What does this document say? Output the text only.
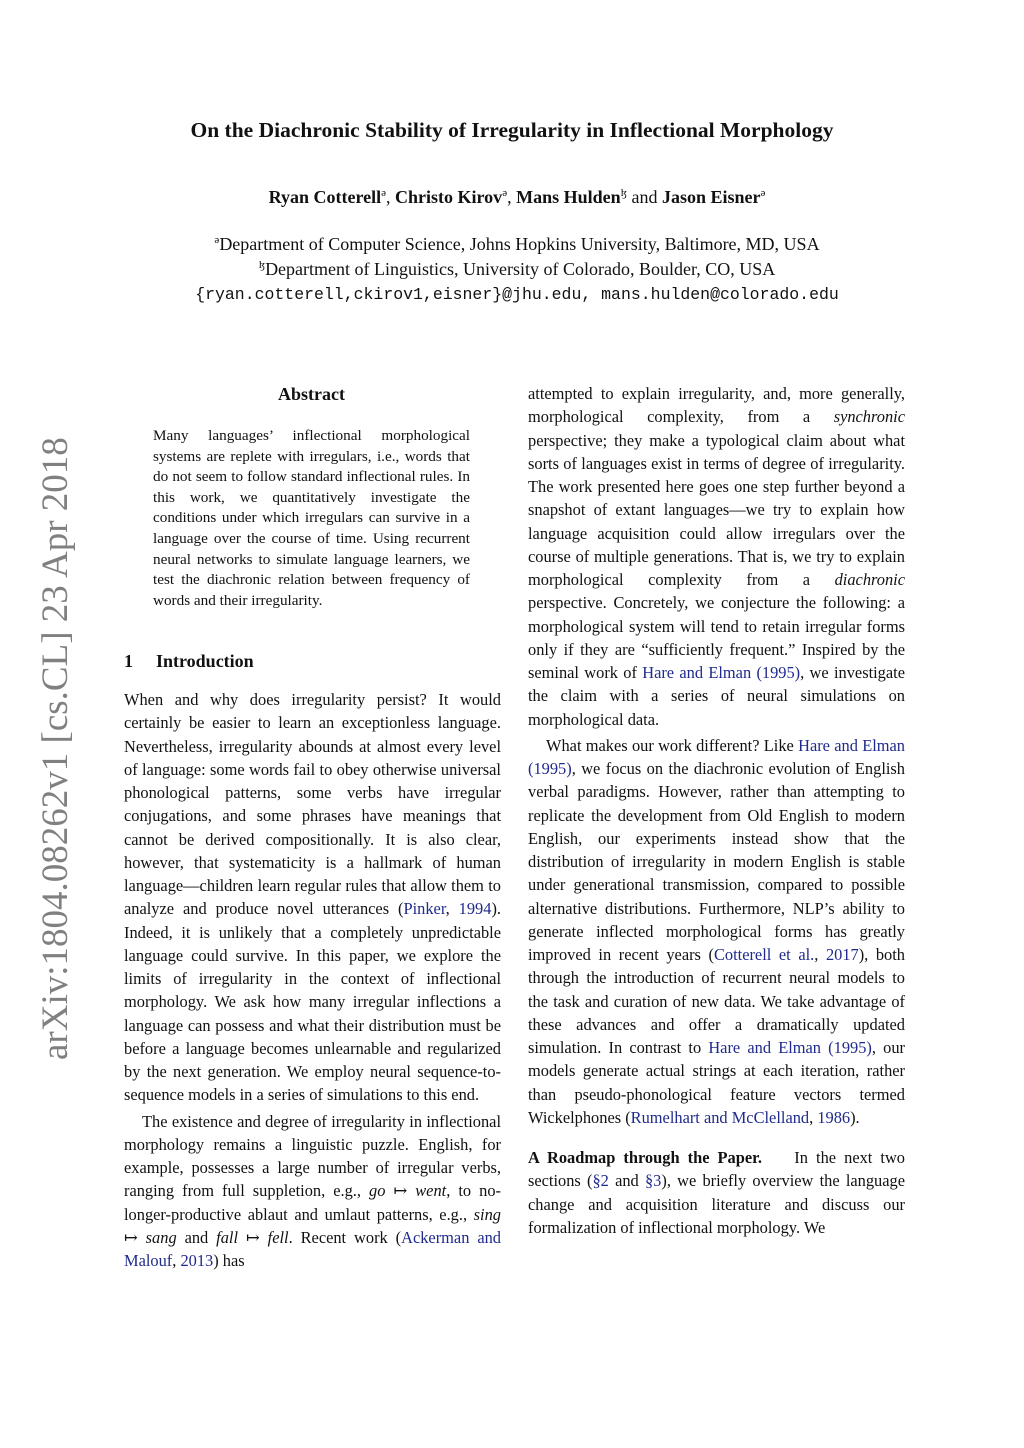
On the Diachronic Stability of Irregularity in Inflectional Morphology
Ryan Cotterell$^ə$, Christo Kirov$^ə$, Mans Hulden$^ɮ$ and Jason Eisner$^ə$
$^ə$Department of Computer Science, Johns Hopkins University, Baltimore, MD, USA
$^ɮ$Department of Linguistics, University of Colorado, Boulder, CO, USA
{ryan.cotterell,ckirov1,eisner}@jhu.edu, mans.hulden@colorado.edu
arXiv:1804.08262v1 [cs.CL] 23 Apr 2018
Abstract

Many languages’ inflectional morphological systems are replete with irregulars, i.e., words that do not seem to follow standard inflectional rules. In this work, we quantitatively investigate the conditions under which irregulars can survive in a language over the course of time. Using recurrent neural networks to simulate language learners, we test the diachronic relation between frequency of words and their irregularity.

1 Introduction

When and why does irregularity persist? It would certainly be easier to learn an exceptionless language. Nevertheless, irregularity abounds at almost every level of language: some words fail to obey otherwise universal phonological patterns, some verbs have irregular conjugations, and some phrases have meanings that cannot be derived compositionally. It is also clear, however, that systematicity is a hallmark of human language—children learn regular rules that allow them to analyze and produce novel utterances (Pinker, 1994). Indeed, it is unlikely that a completely unpredictable language could survive. In this paper, we explore the limits of irregularity in the context of inflectional morphology. We ask how many irregular inflections a language can possess and what their distribution must be before a language becomes unlearnable and regularized by the next generation. We employ neural sequence-to-sequence models in a series of simulations to this end.

The existence and degree of irregularity in inflectional morphology remains a linguistic puzzle. English, for example, possesses a large number of irregular verbs, ranging from full suppletion, e.g., go ↦ went, to no-longer-productive ablaut and umlaut patterns, e.g., sing ↦ sang and fall ↦ fell. Recent work (Ackerman and Malouf, 2013) has

attempted to explain irregularity, and, more generally, morphological complexity, from a synchronic perspective; they make a typological claim about what sorts of languages exist in terms of degree of irregularity. The work presented here goes one step further beyond a snapshot of extant languages—we try to explain how language acquisition could allow irregulars over the course of multiple generations. That is, we try to explain morphological complexity from a diachronic perspective. Concretely, we conjecture the following: a morphological system will tend to retain irregular forms only if they are “sufficiently frequent.” Inspired by the seminal work of Hare and Elman (1995), we investigate the claim with a series of neural simulations on morphological data.

What makes our work different? Like Hare and Elman (1995), we focus on the diachronic evolution of English verbal paradigms. However, rather than attempting to replicate the development from Old English to modern English, our experiments instead show that the distribution of irregularity in modern English is stable under generational transmission, compared to possible alternative distributions. Furthermore, NLP’s ability to generate inflected morphological forms has greatly improved in recent years (Cotterell et al., 2017), both through the introduction of recurrent neural models to the task and curation of new data. We take advantage of these advances and offer a dramatically updated simulation. In contrast to Hare and Elman (1995), our models generate actual strings at each iteration, rather than pseudo-phonological feature vectors termed Wickelphones (Rumelhart and McClelland, 1986).

A Roadmap through the Paper.    In the next two sections (§2 and §3), we briefly overview the language change and acquisition literature and discuss our formalization of inflectional morphology. We
